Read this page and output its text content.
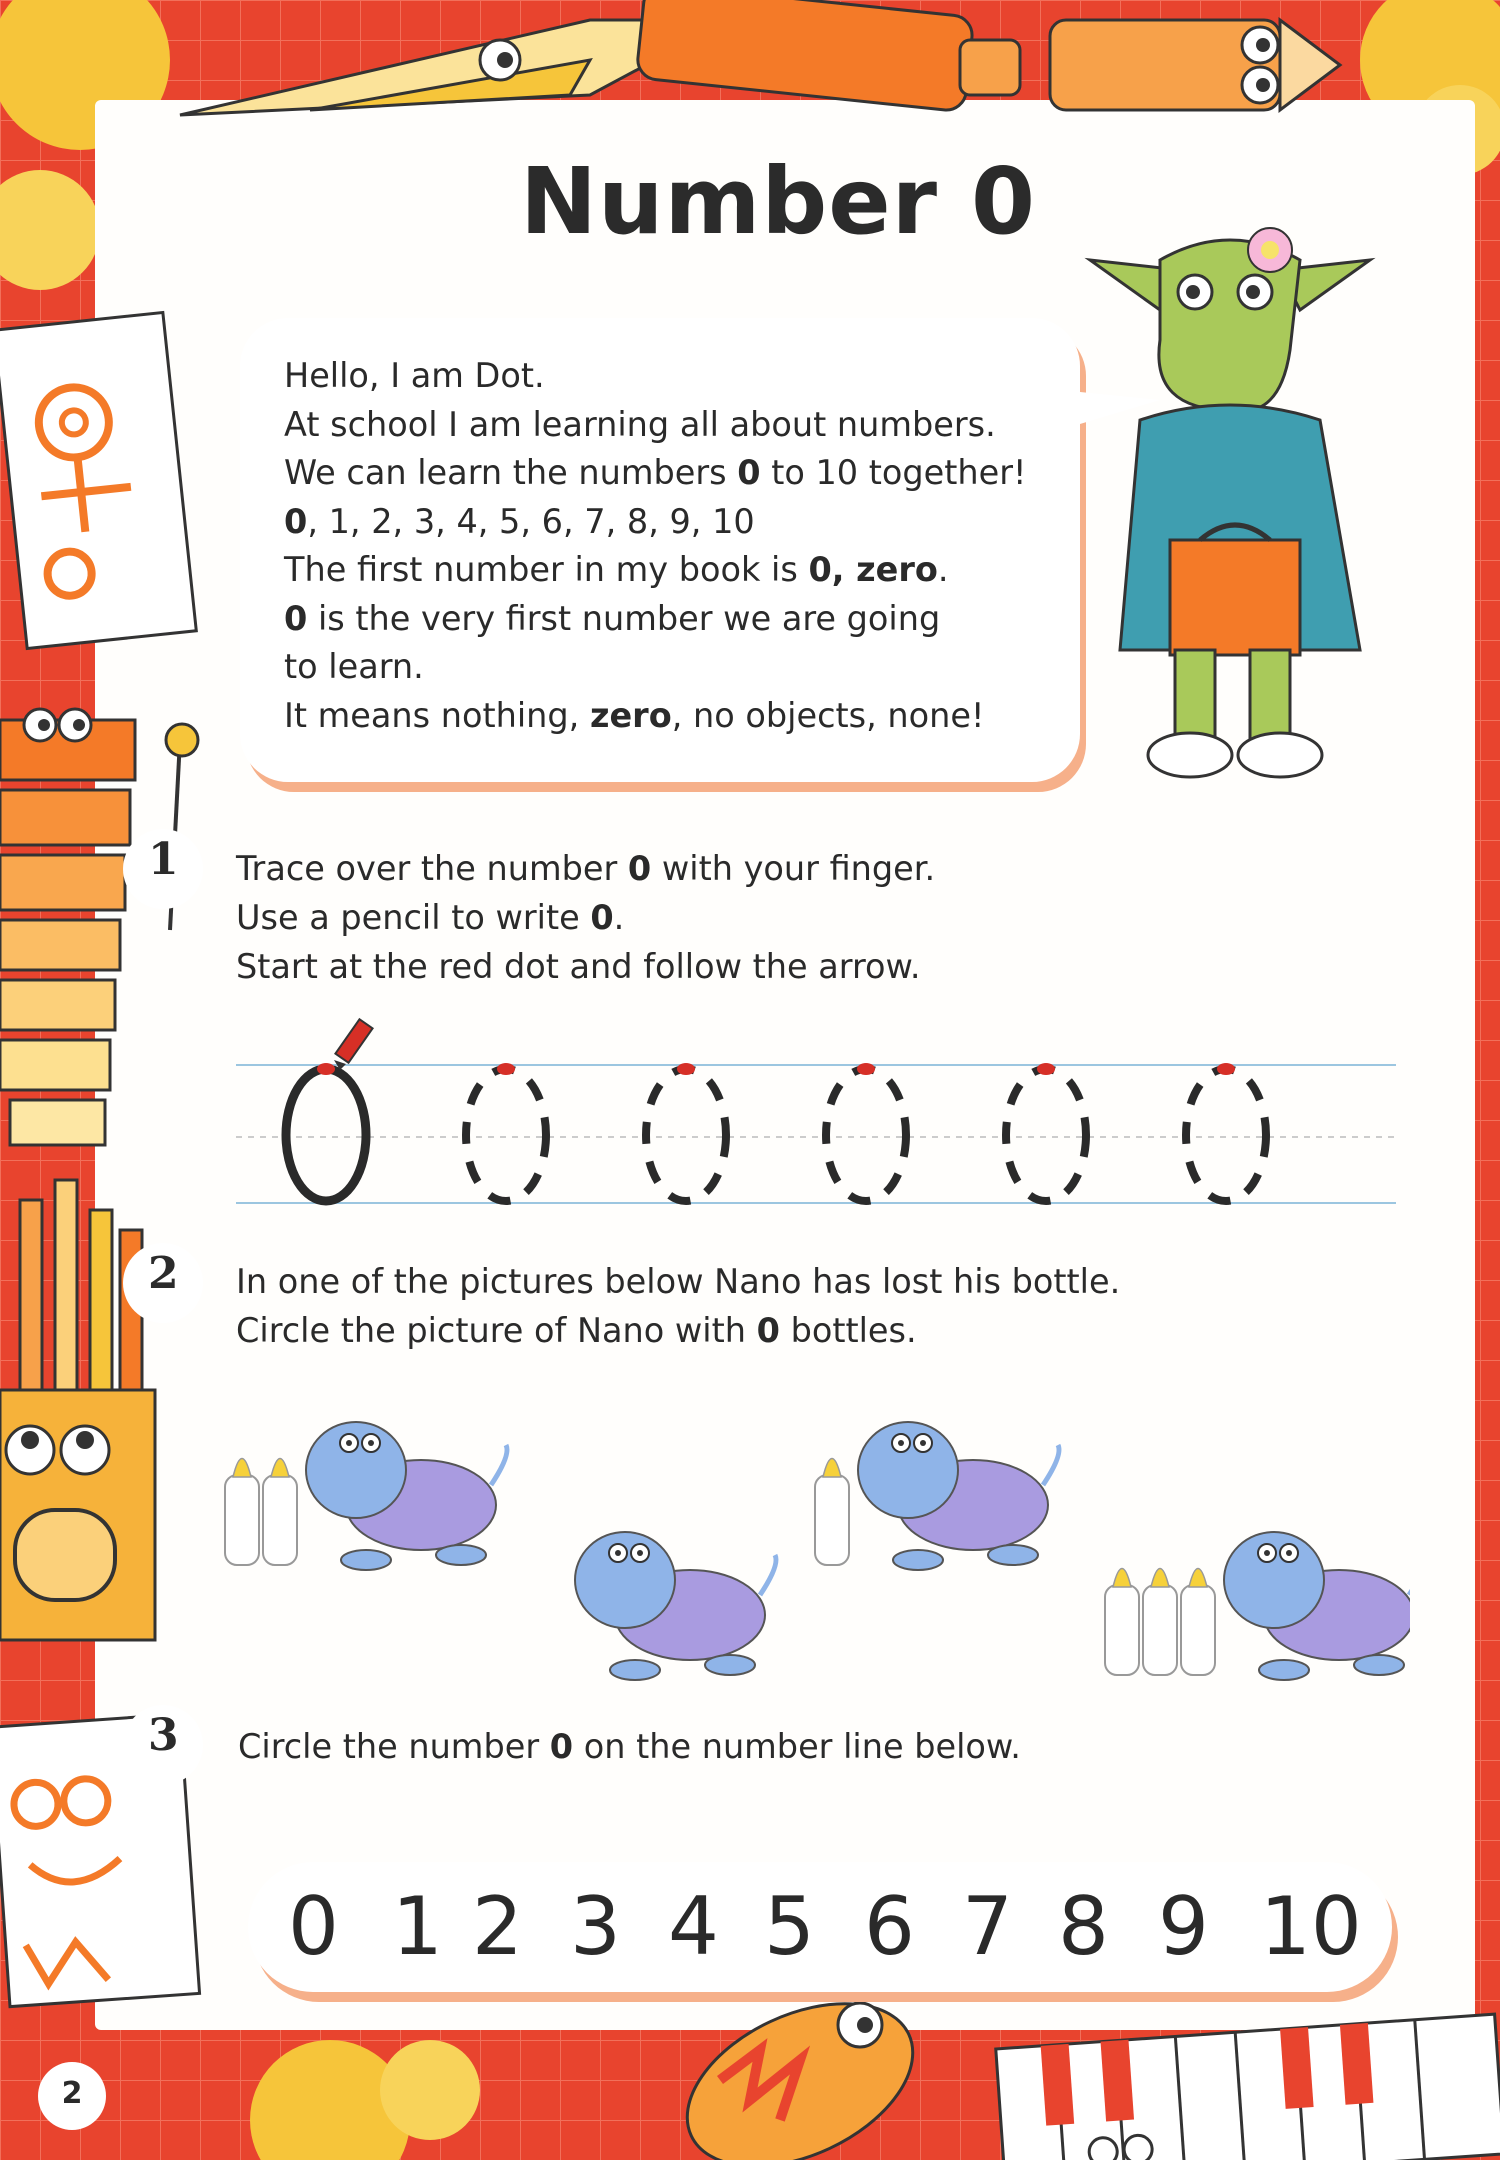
Number 0
Hello, I am Dot.
At school I am learning all about numbers.
We can learn the numbers 0 to 10 together!
0, 1, 2, 3, 4, 5, 6, 7, 8, 9, 10
The first number in my book is 0, zero.
0 is the very first number we are going
to learn.
It means nothing, zero, no objects, none!
1 Trace over the number 0 with your finger.
Use a pencil to write 0.
Start at the red dot and follow the arrow.
2 In one of the pictures below Nano has lost his bottle.
Circle the picture of Nano with 0 bottles.
3 Circle the number 0 on the number line below.
0 1 2 3 4 5 6 7 8 9 10
2
